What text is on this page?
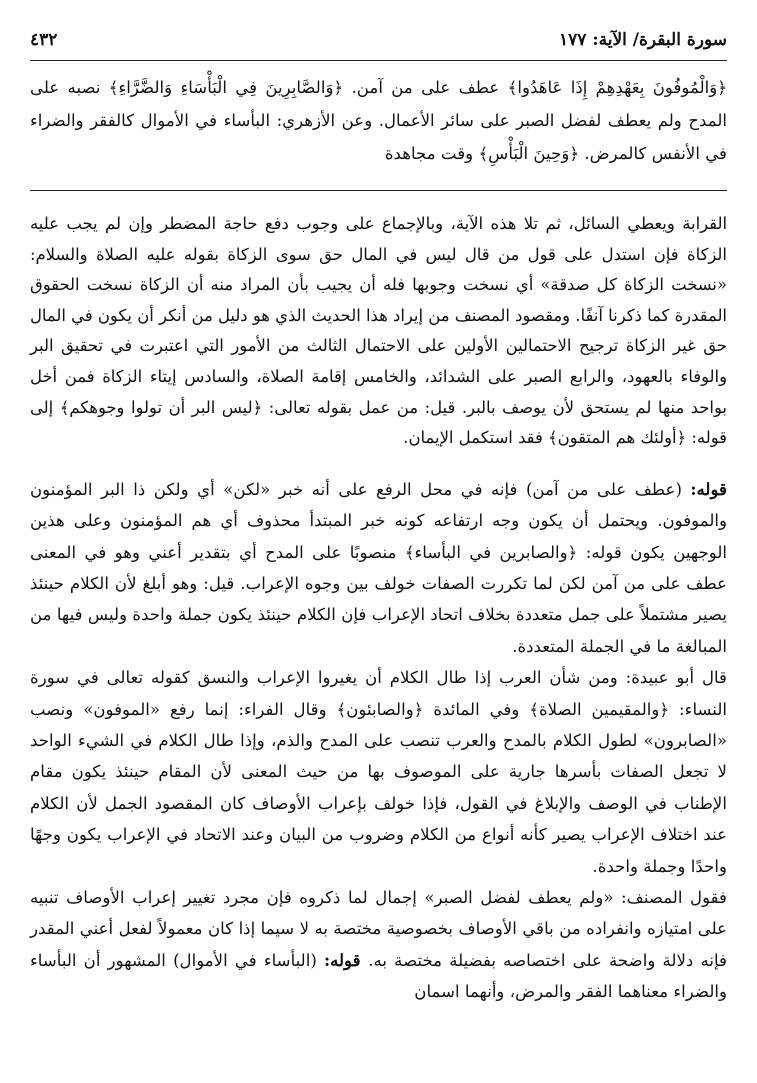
سورة البقرة/ الآية: ١٧٧
٤٣٢
﴿وَالْمُوفُونَ بِعَهْدِهِمْ إِذَا عَاهَدُوا﴾ عطف على من آمن. ﴿وَالصَّابِرِينَ فِي الْبَأْسَاءِ وَالضَّرَّاءِ﴾ نصبه على المدح ولم يعطف لفضل الصبر على سائر الأعمال. وعن الأزهري: البأساء في الأموال كالفقر والضراء في الأنفس كالمرض. ﴿وَحِينَ الْبَأْسِ﴾ وقت مجاهدة
القرابة ويعطي السائل، ثم تلا هذه الآية، وبالإجماع على وجوب دفع حاجة المضطر وإن لم يجب عليه الزكاة فإن استدل على قول من قال ليس في المال حق سوى الزكاة بقوله عليه الصلاة والسلام: «نسخت الزكاة كل صدقة» أي نسخت وجوبها فله أن يجيب بأن المراد منه أن الزكاة نسخت الحقوق المقدرة كما ذكرنا آنفًا. ومقصود المصنف من إيراد هذا الحديث الذي هو دليل من أنكر أن يكون في المال حق غير الزكاة ترجيح الاحتمالين الأولين على الاحتمال الثالث من الأمور التي اعتبرت في تحقيق البر والوفاء بالعهود، والرابع الصبر على الشدائد، والخامس إقامة الصلاة، والسادس إيتاء الزكاة فمن أخل بواحد منها لم يستحق لأن يوصف بالبر. قيل: من عمل بقوله تعالى: ﴿ليس البر أن تولوا وجوهكم﴾ إلى قوله: ﴿أولئك هم المتقون﴾ فقد استكمل الإيمان.
قوله: (عطف على من آمن) فإنه في محل الرفع على أنه خبر «لكن» أي ولكن ذا البر المؤمنون والموفون. ويحتمل أن يكون وجه ارتفاعه كونه خبر المبتدأ محذوف أي هم المؤمنون وعلى هذين الوجهين يكون قوله: ﴿والصابرين في البأساء﴾ منصوبًا على المدح أي بتقدير أعني وهو في المعنى عطف على من آمن لكن لما تكررت الصفات خولف بين وجوه الإعراب. قيل: وهو أبلغ لأن الكلام حينئذ يصير مشتملاً على جمل متعددة بخلاف اتحاد الإعراب فإن الكلام حينئذ يكون جملة واحدة وليس فيها من المبالغة ما في الجملة المتعددة.
قال أبو عبيدة: ومن شأن العرب إذا طال الكلام أن يغيروا الإعراب والنسق كقوله تعالى في سورة النساء: ﴿والمقيمين الصلاة﴾ وفي المائدة ﴿والصابئون﴾ وقال الفراء: إنما رفع «الموفون» ونصب «الصابرون» لطول الكلام بالمدح والعرب تنصب على المدح والذم، وإذا طال الكلام في الشيء الواحد لا تجعل الصفات بأسرها جارية على الموصوف بها من حيث المعنى لأن المقام حينئذ يكون مقام الإطناب في الوصف والإبلاغ في القول، فإذا خولف بإعراب الأوصاف كان المقصود الجمل لأن الكلام عند اختلاف الإعراب يصير كأنه أنواع من الكلام وضروب من البيان وعند الاتحاد في الإعراب يكون وجهًا واحدًا وجملة واحدة.
فقول المصنف: «ولم يعطف لفضل الصبر» إجمال لما ذكروه فإن مجرد تغيير إعراب الأوصاف تنبيه على امتيازه وانفراده من باقي الأوصاف بخصوصية مختصة به لا سيما إذا كان معمولاً لفعل أعني المقدر فإنه دلالة واضحة على اختصاصه بفضيلة مختصة به. قوله: (البأساء في الأموال) المشهور أن البأساء والضراء معناهما الفقر والمرض، وأنهما اسمان
